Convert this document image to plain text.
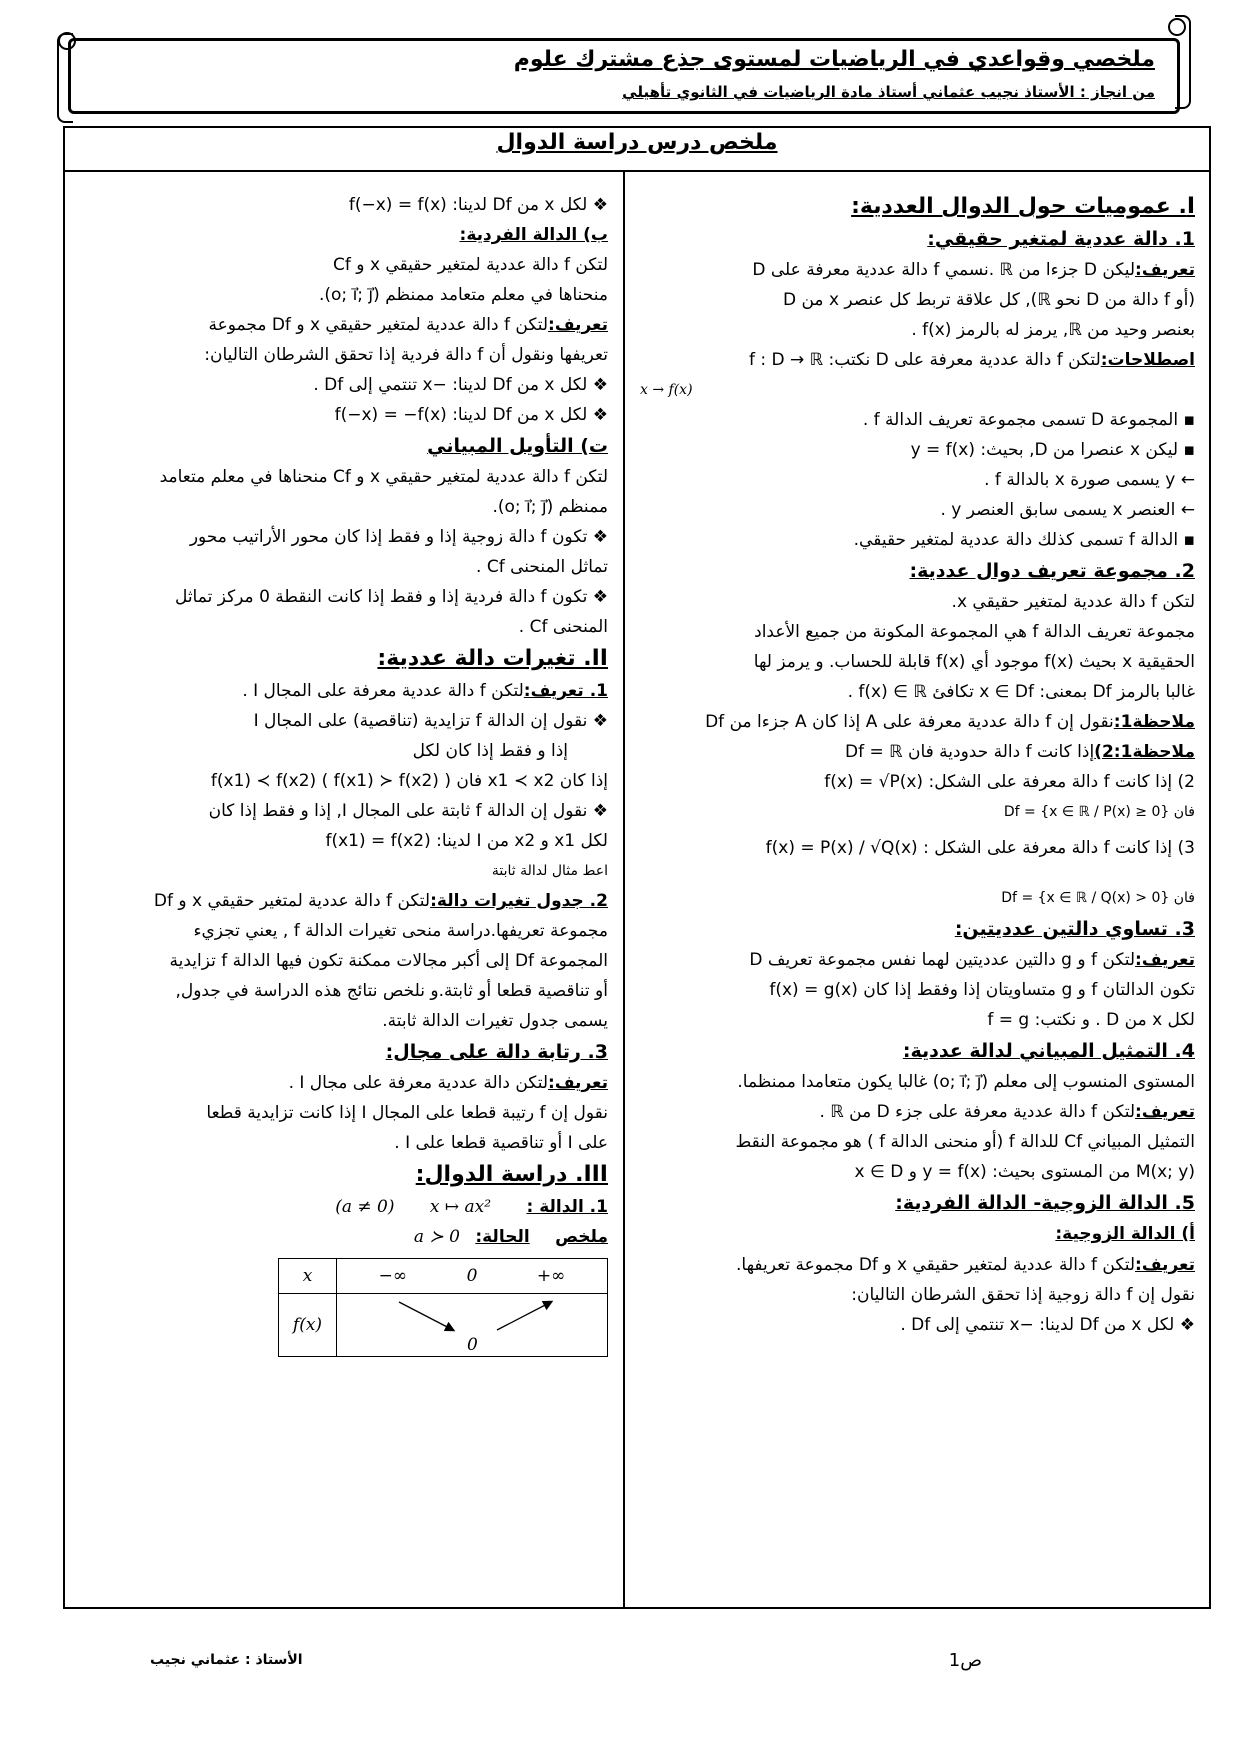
ملخصي وقواعدي في الرياضيات لمستوى جذع مشترك علوم
من انجاز : الأستاذ نجيب عثماني أستاذ مادة الرياضيات في الثانوي تأهيلي
ملخص درس دراسة الدوال
I. عموميات حول الدوال العددية:
1. دالة عددية لمتغير حقيقي:

تعريف:ليكن D جزءا من ℝ .نسمي f دالة عددية معرفة على D

(أو f دالة من D نحو ℝ), كل علاقة تربط كل عنصر x من D

بعنصر وحيد من ℝ, يرمز له بالرمز f(x) .

اصطلاحات:لتكن f دالة عددية معرفة على D نكتب: f : D → ℝ

x → f(x)

▪ المجموعة D تسمى مجموعة تعريف الدالة f .

▪ ليكن x عنصرا من D, بحيث: y = f(x)

← y يسمى صورة x بالدالة f .

← العنصر x يسمى سابق العنصر y .

▪ الدالة f تسمى كذلك دالة عددية لمتغير حقيقي.

2. مجموعة تعريف دوال عددية:

لتكن f دالة عددية لمتغير حقيقي x.

مجموعة تعريف الدالة f هي المجموعة المكونة من جميع الأعداد

الحقيقية x بحيث f(x) موجود أي f(x) قابلة للحساب. و يرمز لها

غالبا بالرمز Df بمعنى: x ∈ Df تكافئ f(x) ∈ ℝ .

ملاحظة1:نقول إن f دالة عددية معرفة على A إذا كان A جزءا من Df

ملاحظة2:1)إذا كانت f دالة حدودية فان Df = ℝ

2) إذا كانت f دالة معرفة على الشكل: f(x) = √P(x)

فان Df = {x ∈ ℝ / P(x) ≥ 0}

3) إذا كانت f دالة معرفة على الشكل : f(x) = P(x) / √Q(x)

فان Df = {x ∈ ℝ / Q(x) > 0}

3. تساوي دالتين عدديتين:

تعريف:لتكن f و g دالتين عدديتين لهما نفس مجموعة تعريف D

تكون الدالتان f و g متساويتان إذا وفقط إذا كان f(x) = g(x)

لكل x من D . و نكتب: f = g

4. التمثيل المبياني لدالة عددية:

المستوى المنسوب إلى معلم (o; i⃗; j⃗) غالبا يكون متعامدا ممنظما.

تعريف:لتكن f دالة عددية معرفة على جزء D من ℝ .

التمثيل المبياني Cf للدالة f (أو منحنى الدالة f ) هو مجموعة النقط

M(x; y) من المستوى بحيث: y = f(x) و x ∈ D

5. الدالة الزوجية- الدالة الفردية:
أ) الدالة الزوجية:

تعريف:لتكن f دالة عددية لمتغير حقيقي x و Df مجموعة تعريفها.

نقول إن f دالة زوجية إذا تحقق الشرطان التاليان:

❖ لكل x من Df لدينا: −x تنتمي إلى Df .

❖ لكل x من Df لدينا: f(−x) = f(x)

ب) الدالة الفردية:

لتكن f دالة عددية لمتغير حقيقي x و Cf

منحناها في معلم متعامد ممنظم (o; i⃗; j⃗).

تعريف:لتكن f دالة عددية لمتغير حقيقي x و Df مجموعة

تعريفها ونقول أن f دالة فردية إذا تحقق الشرطان التاليان:

❖ لكل x من Df لدينا: −x تنتمي إلى Df .

❖ لكل x من Df لدينا: f(−x) = −f(x)

ت) التأويل المبياني

لتكن f دالة عددية لمتغير حقيقي x و Cf منحناها في معلم متعامد

ممنظم (o; i⃗; j⃗).

❖ تكون f دالة زوجية إذا و فقط إذا كان محور الأراتيب محور

تماثل المنحنى Cf .

❖ تكون f دالة فردية إذا و فقط إذا كانت النقطة 0 مركز تماثل

المنحنى Cf .

II. تغيرات دالة عددية:

1. تعريف:لتكن f دالة عددية معرفة على المجال I .

❖ نقول إن الدالة f تزايدية (تناقصية) على المجال I

إذا و فقط إذا كان لكل

إذا كان x1 ≺ x2 فان f(x1) ≺ f(x2) ( f(x1) ≻ f(x2) )

❖ نقول إن الدالة f ثابتة على المجال I, إذا و فقط إذا كان

لكل x1 و x2 من I لدينا: f(x1) = f(x2)

اعط مثال لدالة ثابتة

2. جدول تغيرات دالة:لتكن f دالة عددية لمتغير حقيقي x و Df

مجموعة تعريفها.دراسة منحى تغيرات الدالة f , يعني تجزيء

المجموعة Df إلى أكبر مجالات ممكنة تكون فيها الدالة f تزايدية

أو تناقصية قطعا أو ثابتة.و نلخص نتائج هذه الدراسة في جدول,

يسمى جدول تغيرات الدالة ثابتة.

3. رتابة دالة على مجال:

تعريف:لتكن دالة عددية معرفة على مجال I .

نقول إن f رتيبة قطعا على المجال I إذا كانت تزايدية قطعا

على I أو تناقصية قطعا على I .

III. دراسة الدوال:

1. الدالة : x ↦ ax² (a ≠ 0)

ملخص الحالة: a ≻ 0

x	−∞	0	+∞
f(x)	0		
ص1
الأستاذ : عثماني نجيب
